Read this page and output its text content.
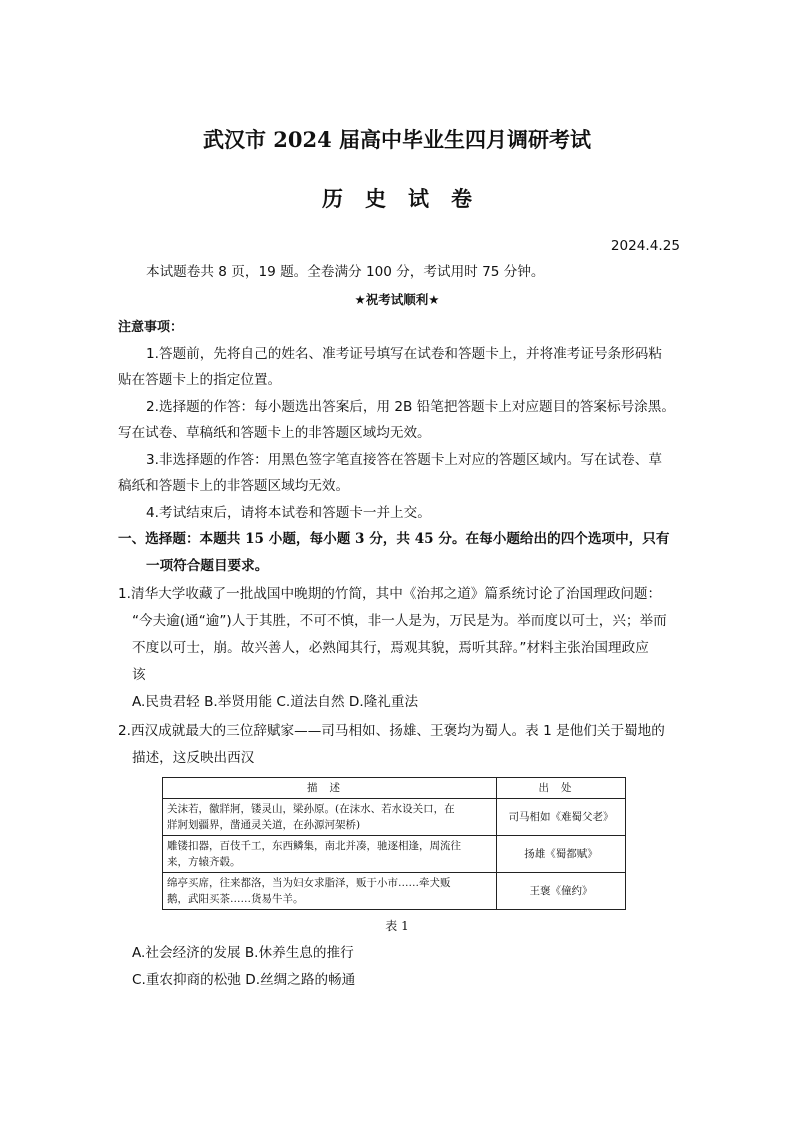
武汉市 2024 届高中毕业生四月调研考试
历史试卷
2024.4.25
本试题卷共 8 页，19 题。全卷满分 100 分，考试用时 75 分钟。
★祝考试顺利★
注意事项：
1.答题前，先将自己的姓名、准考证号填写在试卷和答题卡上，并将准考证号条形码粘
贴在答题卡上的指定位置。
2.选择题的作答：每小题选出答案后，用 2B 铅笔把答题卡上对应题目的答案标号涂黑。
写在试卷、草稿纸和答题卡上的非答题区域均无效。
3.非选择题的作答：用黑色签字笔直接答在答题卡上对应的答题区域内。写在试卷、草
稿纸和答题卡上的非答题区域均无效。
4.考试结束后，请将本试卷和答题卡一并上交。
一、选择题：本题共 15 小题，每小题 3 分，共 45 分。在每小题给出的四个选项中，只有
一项符合题目要求。
1.清华大学收藏了一批战国中晚期的竹简，其中《治邦之道》篇系统讨论了治国理政问题：
“今夫逾(通“逾”)人于其胜，不可不慎，非一人是为，万民是为。举而度以可士，兴；举而
不度以可士，崩。故兴善人，必熟闻其行，焉观其貌，焉听其辞。”材料主张治国理政应
该
A.民贵君轻 B.举贤用能 C.道法自然 D.隆礼重法
2.西汉成就最大的三位辞赋家——司马相如、扬雄、王褒均为蜀人。表 1 是他们关于蜀地的
描述，这反映出西汉
描述	出处

关沫若，徼牂牁，镂灵山，梁孙原。(在沫水、若水设关口，在
牂牁划疆界，凿通灵关道，在孙源河架桥)	司马相如《难蜀父老》

雕镂扣器，百伎千工，东西鳞集，南北并凑，驰逐相逢，周流往
来，方辕齐毂。	扬雄《蜀都赋》

绵亭买席，往来都洛，当为妇女求脂泽，贩于小市……牵犬贩
鹅，武阳买茶……货易牛羊。	王褒《僮约》
表 1
A.社会经济的发展 B.休养生息的推行
C.重农抑商的松弛 D.丝绸之路的畅通
